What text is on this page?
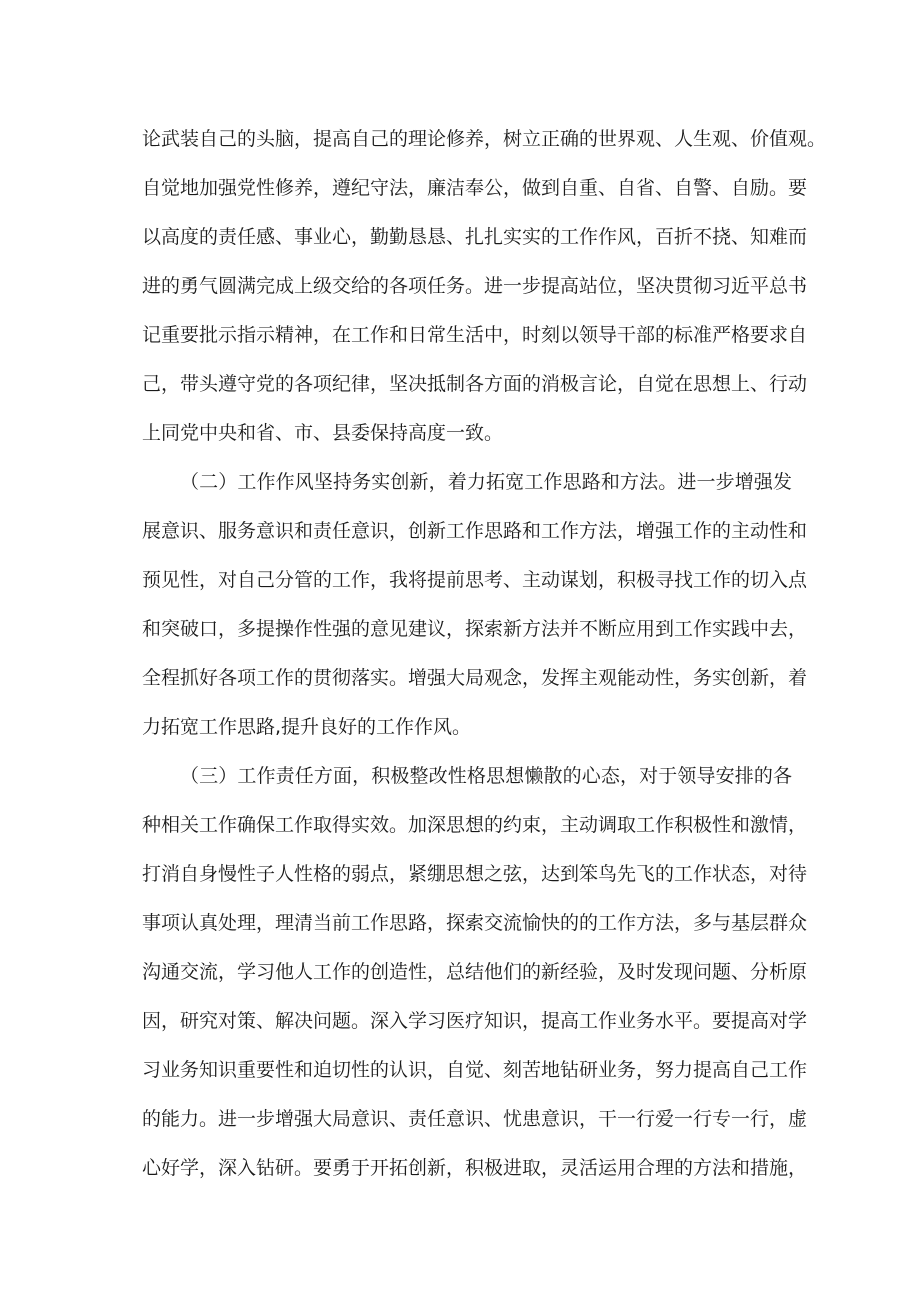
论武装自己的头脑，提高自己的理论修养，树立正确的世界观、人生观、价值观。
自觉地加强党性修养，遵纪守法，廉洁奉公，做到自重、自省、自警、自励。要
以高度的责任感、事业心，勤勤恳恳、扎扎实实的工作作风，百折不挠、知难而
进的勇气圆满完成上级交给的各项任务。进一步提高站位，坚决贯彻习近平总书
记重要批示指示精神，在工作和日常生活中，时刻以领导干部的标准严格要求自
己，带头遵守党的各项纪律，坚决抵制各方面的消极言论，自觉在思想上、行动
上同党中央和省、市、县委保持高度一致。
（二）工作作风坚持务实创新，着力拓宽工作思路和方法。进一步增强发
展意识、服务意识和责任意识，创新工作思路和工作方法，增强工作的主动性和
预见性，对自己分管的工作，我将提前思考、主动谋划，积极寻找工作的切入点
和突破口，多提操作性强的意见建议，探索新方法并不断应用到工作实践中去，
全程抓好各项工作的贯彻落实。增强大局观念，发挥主观能动性，务实创新，着
力拓宽工作思路,提升良好的工作作风。
（三）工作责任方面，积极整改性格思想懒散的心态，对于领导安排的各
种相关工作确保工作取得实效。加深思想的约束，主动调取工作积极性和激情，
打消自身慢性子人性格的弱点，紧绷思想之弦，达到笨鸟先飞的工作状态，对待
事项认真处理，理清当前工作思路，探索交流愉快的的工作方法，多与基层群众
沟通交流，学习他人工作的创造性，总结他们的新经验，及时发现问题、分析原
因，研究对策、解决问题。深入学习医疗知识，提高工作业务水平。要提高对学
习业务知识重要性和迫切性的认识，自觉、刻苦地钻研业务，努力提高自己工作
的能力。进一步增强大局意识、责任意识、忧患意识，干一行爱一行专一行，虚
心好学，深入钻研。要勇于开拓创新，积极进取，灵活运用合理的方法和措施，
